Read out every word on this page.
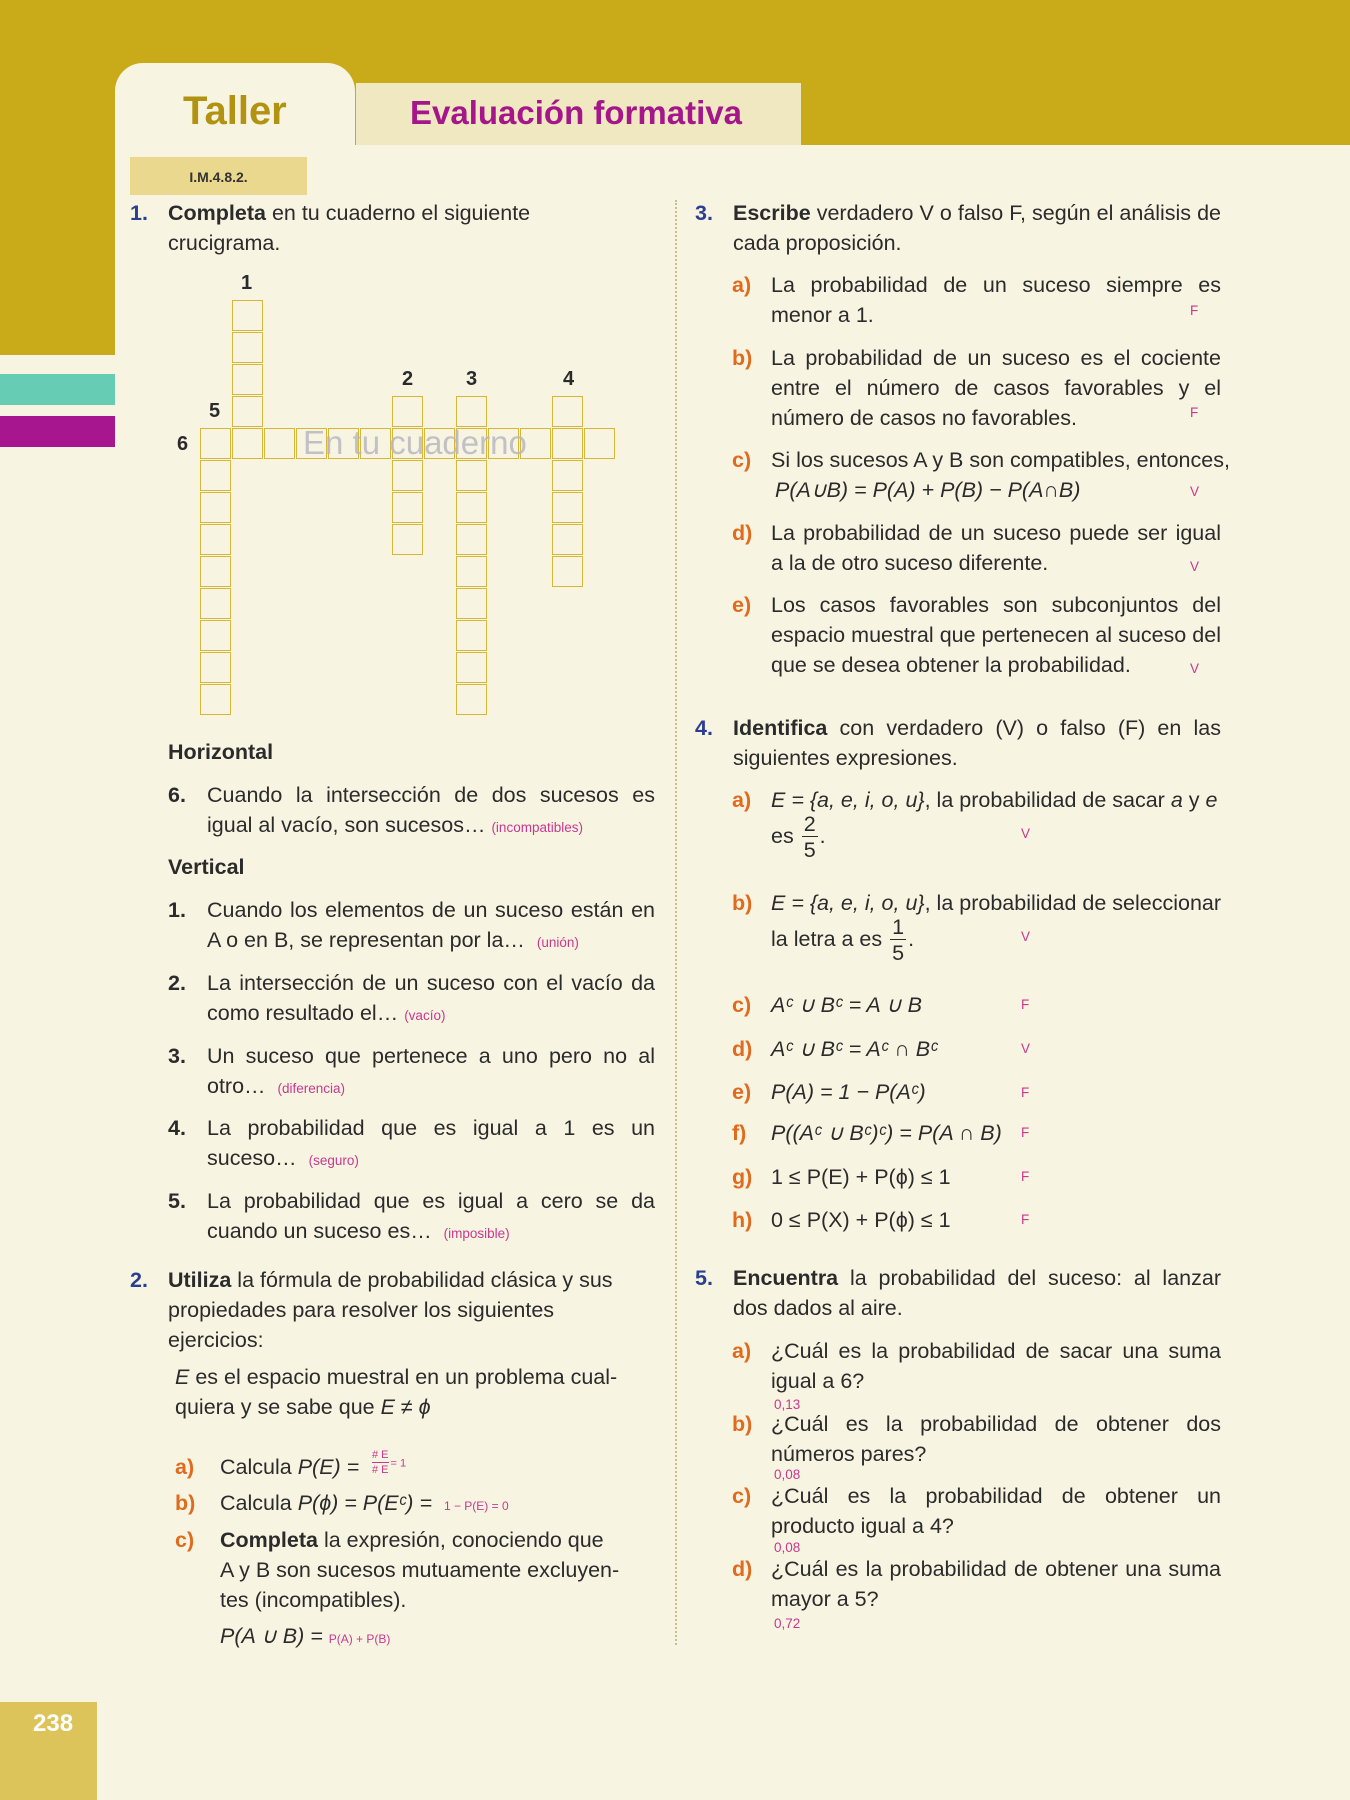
Taller	Evaluación formativa
I.M.4.8.2.
1. Completa en tu cuaderno el siguiente
crucigrama.
1
2	3	4
5
6	En tu cuaderno
Horizontal
6. Cuando la intersección de dos sucesos es
igual al vacío, son sucesos… (incompatibles)
Vertical
1. Cuando los elementos de un suceso están en
A o en B, se representan por la… (unión)
2. La intersección de un suceso con el vacío da
como resultado el… (vacío)
3. Un suceso que pertenece a uno pero no al
otro… (diferencia)
4. La probabilidad que es igual a 1 es un
suceso… (seguro)
5. La probabilidad que es igual a cero se da
cuando un suceso es… (imposible)
2. Utiliza la fórmula de probabilidad clásica y sus
propiedades para resolver los siguientes
ejercicios:
E es el espacio muestral en un problema cual-
quiera y se sabe que E ≠ ϕ
a) Calcula $P(E) = \frac{\# E}{\# E} = 1$
b) Calcula P(ϕ) = P(Eᶜ) = 1 − P(E) = 0
c) Completa la expresión, conociendo que
A y B son sucesos mutuamente excluyen-
tes (incompatibles).
P(A ∪ B) = P(A) + P(B)
3. Escribe verdadero V o falso F, según el análisis de
cada proposición.
a) La probabilidad de un suceso siempre es
menor a 1.	F
b) La probabilidad de un suceso es el cociente
entre el número de casos favorables y el
número de casos no favorables.	F
c) Si los sucesos A y B son compatibles, entonces,
P(A∪B) = P(A) + P(B) − P(A∩B)	V
d) La probabilidad de un suceso puede ser igual
a la de otro suceso diferente.	V
e) Los casos favorables son subconjuntos del
espacio muestral que pertenecen al suceso del
que se desea obtener la probabilidad.	V
4. Identifica con verdadero (V) o falso (F) en las
siguientes expresiones.
a) E = {a, e, i, o, u}, la probabilidad de sacar a y e
es $\frac{2}{5}$ .	V
b) E = {a, e, i, o, u}, la probabilidad de seleccionar
la letra a es $\frac{1}{5}$ .	V
c) Aᶜ ∪ Bᶜ = A ∪ B	F
d) Aᶜ ∪ Bᶜ = Aᶜ ∩ Bᶜ	V
e) P(A) = 1 − P(Aᶜ)	F
f) P((Aᶜ ∪ Bᶜ)ᶜ) = P(A ∩ B) F
g) 1 ≤ P(E) + P(ϕ) ≤ 1	F
h) 0 ≤ P(X) + P(ϕ) ≤ 1	F
5. Encuentra la probabilidad del suceso: al lanzar
dos dados al aire.
a) ¿Cuál es la probabilidad de sacar una suma
igual a 6?
0,13
b) ¿Cuál es la probabilidad de obtener dos
números pares?
0,08
c) ¿Cuál es la probabilidad de obtener un
producto igual a 4?
0,08
d) ¿Cuál es la probabilidad de obtener una suma
mayor a 5?
0,72
238
